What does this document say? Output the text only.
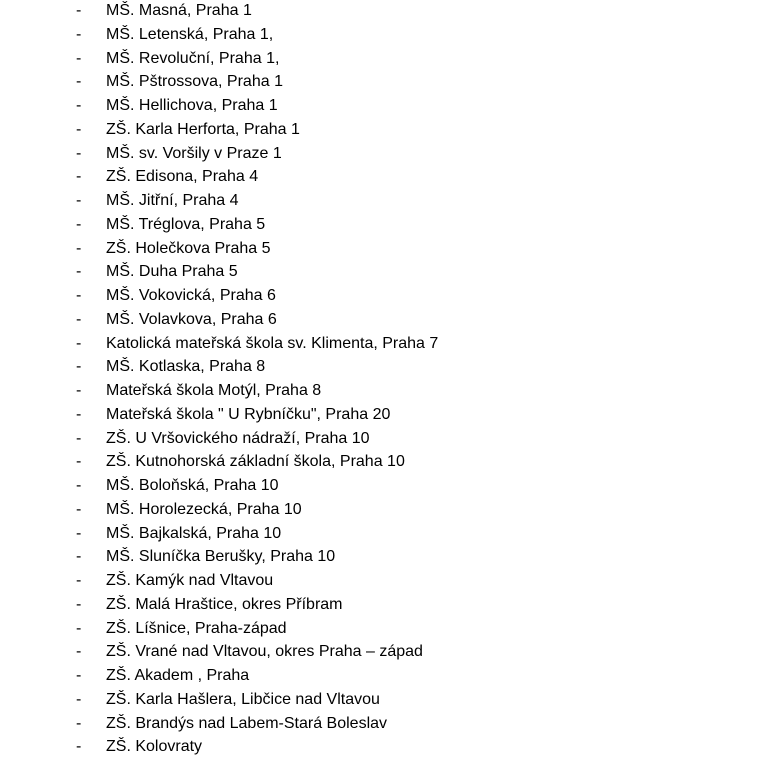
- MŠ. Masná, Praha 1
- MŠ. Letenská, Praha 1,
- MŠ. Revoluční, Praha 1,
- MŠ. Pštrossova, Praha 1
- MŠ. Hellichova, Praha 1
- ZŠ. Karla Herforta, Praha 1
- MŠ. sv. Voršily v Praze 1
- ZŠ. Edisona, Praha 4
- MŠ. Jitřní, Praha 4
- MŠ. Tréglova, Praha 5
- ZŠ. Holečkova Praha 5
- MŠ. Duha Praha 5
- MŠ. Vokovická, Praha 6
- MŠ. Volavkova, Praha 6
- Katolická mateřská škola sv. Klimenta, Praha 7
- MŠ. Kotlaska, Praha 8
- Mateřská škola Motýl, Praha 8
- Mateřská škola " U Rybníčku", Praha 20
- ZŠ. U Vršovického nádraží, Praha 10
- ZŠ. Kutnohorská základní škola, Praha 10
- MŠ. Boloňská, Praha 10
- MŠ. Horolezecká, Praha 10
- MŠ. Bajkalská, Praha 10
- MŠ. Sluníčka Berušky, Praha 10
- ZŠ. Kamýk nad Vltavou
- ZŠ. Malá Hraštice, okres Příbram
- ZŠ. Líšnice, Praha-západ
- ZŠ. Vrané nad Vltavou, okres Praha – západ
- ZŠ. Akadem , Praha
- ZŠ. Karla Hašlera, Libčice nad Vltavou
- ZŠ. Brandýs nad Labem-Stará Boleslav
- ZŠ. Kolovraty
